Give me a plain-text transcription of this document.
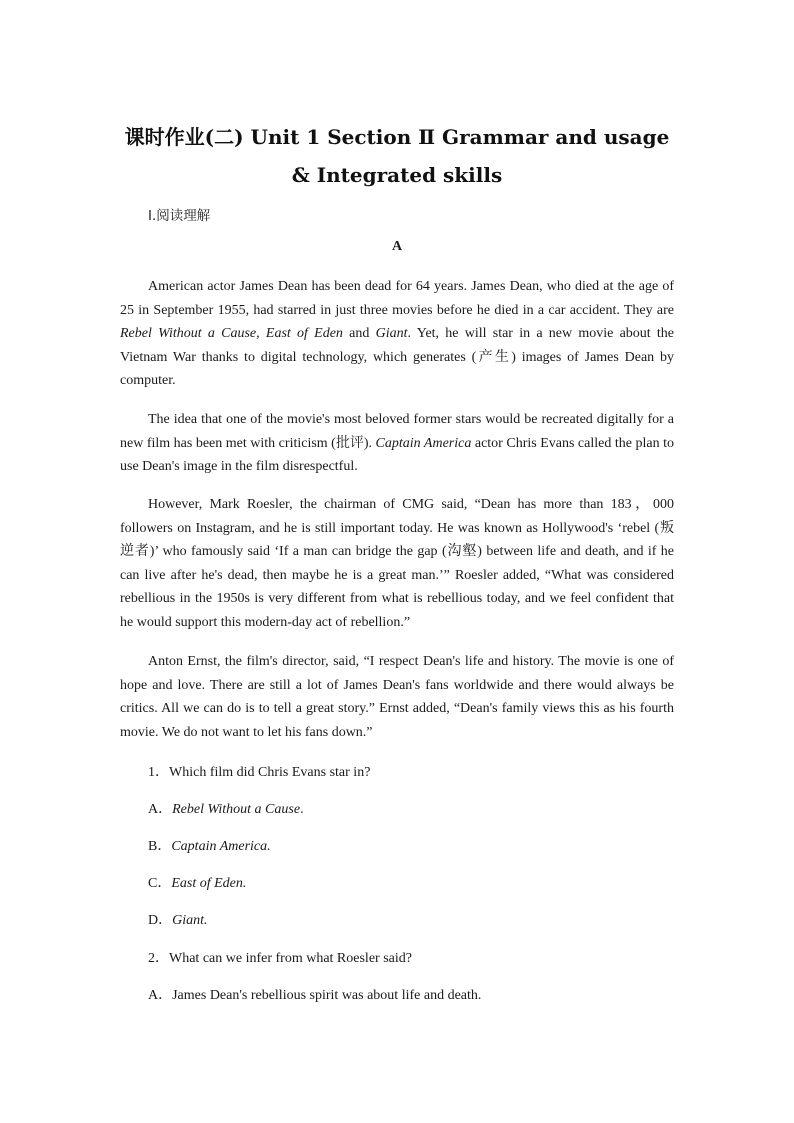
课时作业(二) Unit 1 Section Ⅱ Grammar and usage
& Integrated skills
Ⅰ.阅读理解
A

American actor James Dean has been dead for 64 years. James Dean, who died at the age of 25 in September 1955, had starred in just three movies before he died in a car accident. They are Rebel Without a Cause, East of Eden and Giant. Yet, he will star in a new movie about the Vietnam War thanks to digital technology, which generates (产生) images of James Dean by computer.

The idea that one of the movie's most beloved former stars would be recreated digitally for a new film has been met with criticism (批评). Captain America actor Chris Evans called the plan to use Dean's image in the film disrespectful.

However, Mark Roesler, the chairman of CMG said, “Dean has more than 183，000 followers on Instagram, and he is still important today. He was known as Hollywood's ‘rebel (叛逆者)’ who famously said ‘If a man can bridge the gap (沟壑) between life and death, and if he can live after he's dead, then maybe he is a great man.’” Roesler added, “What was considered rebellious in the 1950s is very different from what is rebellious today, and we feel confident that he would support this modern-day act of rebellion.”

Anton Ernst, the film's director, said, “I respect Dean's life and history. The movie is one of hope and love. There are still a lot of James Dean's fans worldwide and there would always be critics. All we can do is to tell a great story.” Ernst added, “Dean's family views this as his fourth movie. We do not want to let his fans down.”

1．Which film did Chris Evans star in?
A．Rebel Without a Cause.
B．Captain America.
C．East of Eden.
D．Giant.
2．What can we infer from what Roesler said?
A．James Dean's rebellious spirit was about life and death.
